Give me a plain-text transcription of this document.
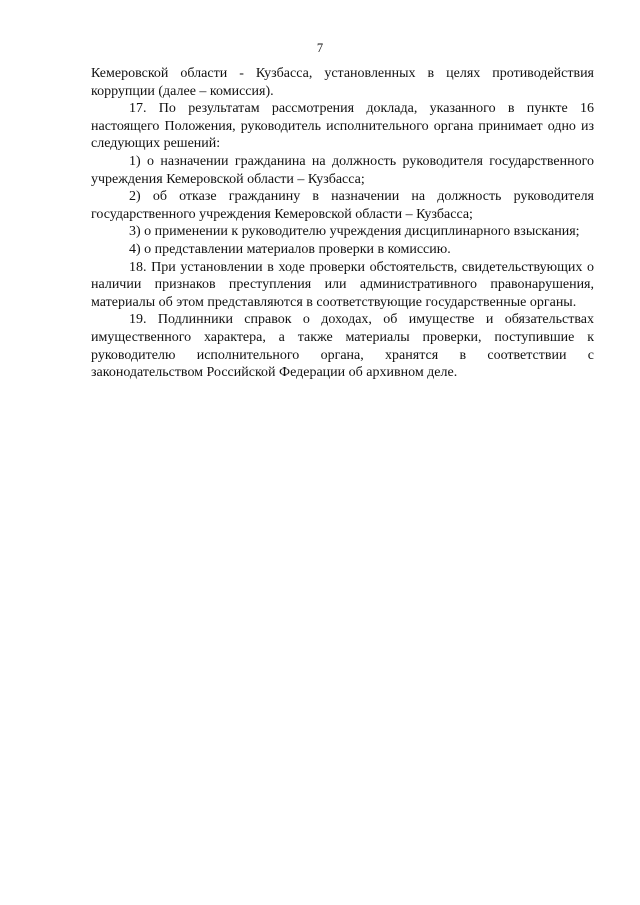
7

Кемеровской области - Кузбасса, установленных в целях противодействия коррупции (далее – комиссия).

17. По результатам рассмотрения доклада, указанного в пункте 16 настоящего Положения, руководитель исполнительного органа принимает одно из следующих решений:

1) о назначении гражданина на должность руководителя государственного учреждения Кемеровской области – Кузбасса;

2) об отказе гражданину в назначении на должность руководителя государственного учреждения Кемеровской области – Кузбасса;

3) о применении к руководителю учреждения дисциплинарного взыскания;

4) о представлении материалов проверки в комиссию.

18. При установлении в ходе проверки обстоятельств, свидетельствующих о наличии признаков преступления или административного правонарушения, материалы об этом представляются в соответствующие государственные органы.

19. Подлинники справок о доходах, об имуществе и обязательствах имущественного характера, а также материалы проверки, поступившие к руководителю исполнительного органа, хранятся в соответствии с законодательством Российской Федерации об архивном деле.
